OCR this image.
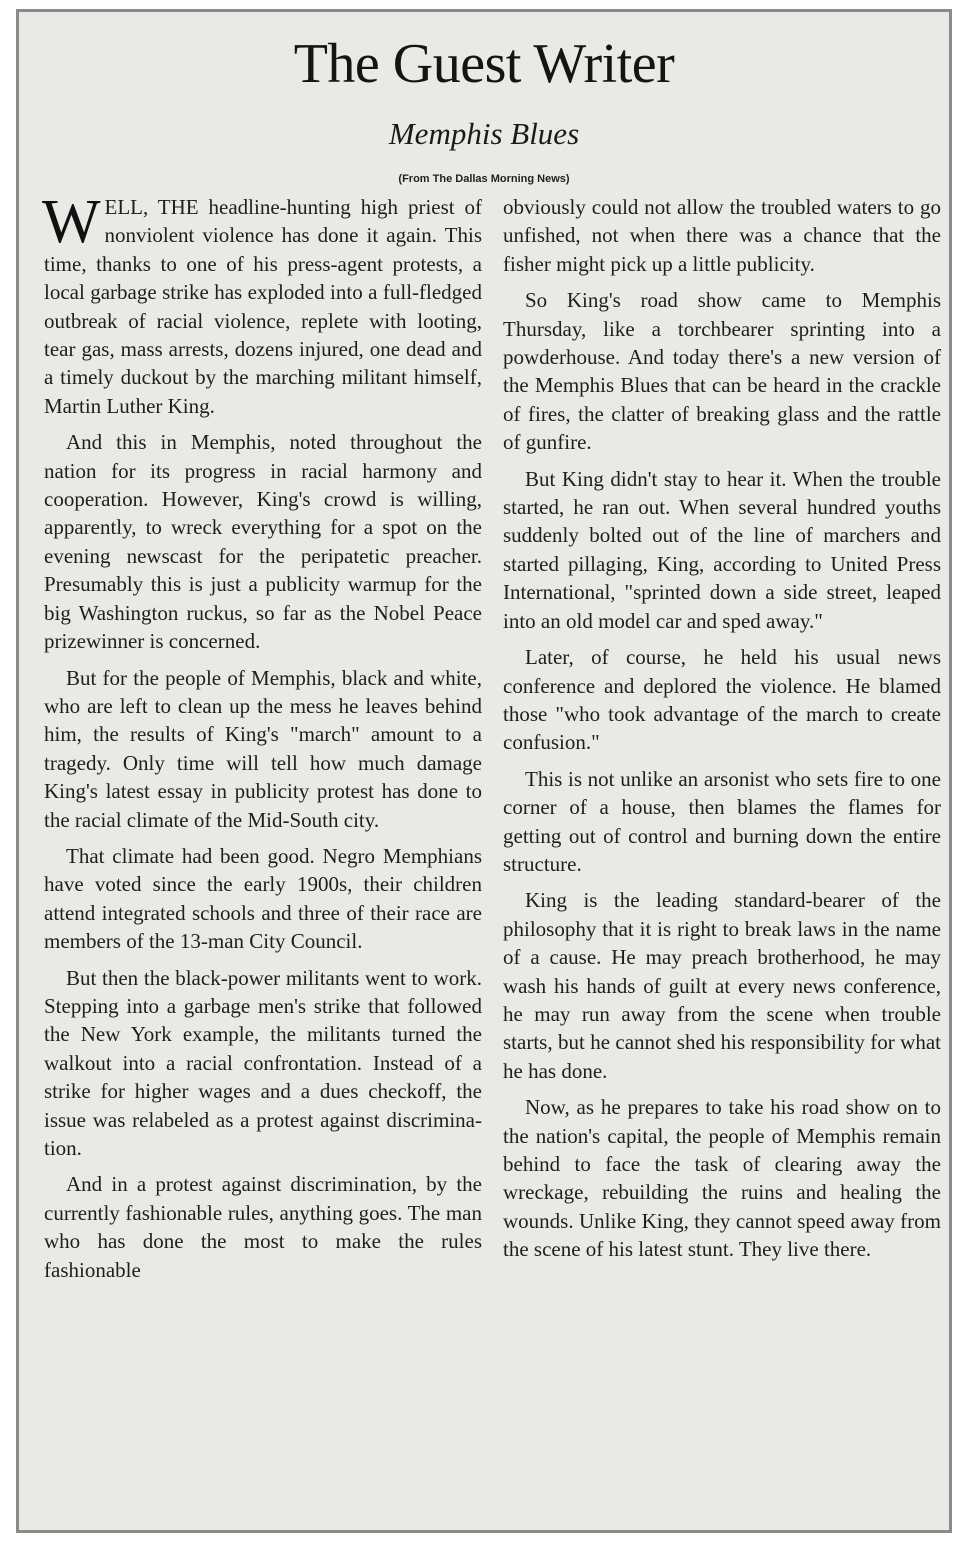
The Guest Writer
Memphis Blues
(From The Dallas Morning News)

WELL, THE headline-hunting high priest of nonviolent violence has done it again. This time, thanks to one of his press-agent protests, a local garbage strike has exploded into a full-fledged outbreak of racial violence, replete with looting, tear gas, mass arrests, dozens injured, one dead and a timely duckout by the marching militant himself, Martin Luther King.

And this in Memphis, noted throughout the nation for its progress in racial harmony and cooperation. However, King's crowd is willing, apparently, to wreck everything for a spot on the evening newscast for the peripatetic preacher. Presumably this is just a publicity warmup for the big Washington ruckus, so far as the Nobel Peace prizewinner is concerned.

But for the people of Memphis, black and white, who are left to clean up the mess he leaves behind him, the results of King's "march" amount to a tragedy. Only time will tell how much damage King's latest essay in publicity protest has done to the racial climate of the Mid-South city.

That climate had been good. Negro Memphians have voted since the early 1900s, their children attend integrated schools and three of their race are members of the 13-man City Council.

But then the black-power militants went to work. Stepping into a garbage men's strike that followed the New York example, the militants turned the walkout into a racial confrontation. Instead of a strike for higher wages and a dues checkoff, the issue was relabeled as a protest against discrimination.

And in a protest against discrimination, by the currently fashionable rules, anything goes. The man who has done the most to make the rules fashionable

obviously could not allow the troubled waters to go unfished, not when there was a chance that the fisher might pick up a little publicity.

So King's road show came to Memphis Thursday, like a torchbearer sprinting into a powderhouse. And today there's a new version of the Memphis Blues that can be heard in the crackle of fires, the clatter of breaking glass and the rattle of gunfire.

But King didn't stay to hear it. When the trouble started, he ran out. When several hundred youths suddenly bolted out of the line of marchers and started pillaging, King, according to United Press International, "sprinted down a side street, leaped into an old model car and sped away."

Later, of course, he held his usual news conference and deplored the violence. He blamed those "who took advantage of the march to create confusion."

This is not unlike an arsonist who sets fire to one corner of a house, then blames the flames for getting out of control and burning down the entire structure.

King is the leading standard-bearer of the philosophy that it is right to break laws in the name of a cause. He may preach brotherhood, he may wash his hands of guilt at every news conference, he may run away from the scene when trouble starts, but he cannot shed his responsibility for what he has done.

Now, as he prepares to take his road show on to the nation's capital, the people of Memphis remain behind to face the task of clearing away the wreckage, rebuilding the ruins and healing the wounds. Unlike King, they cannot speed away from the scene of his latest stunt. They live there.
